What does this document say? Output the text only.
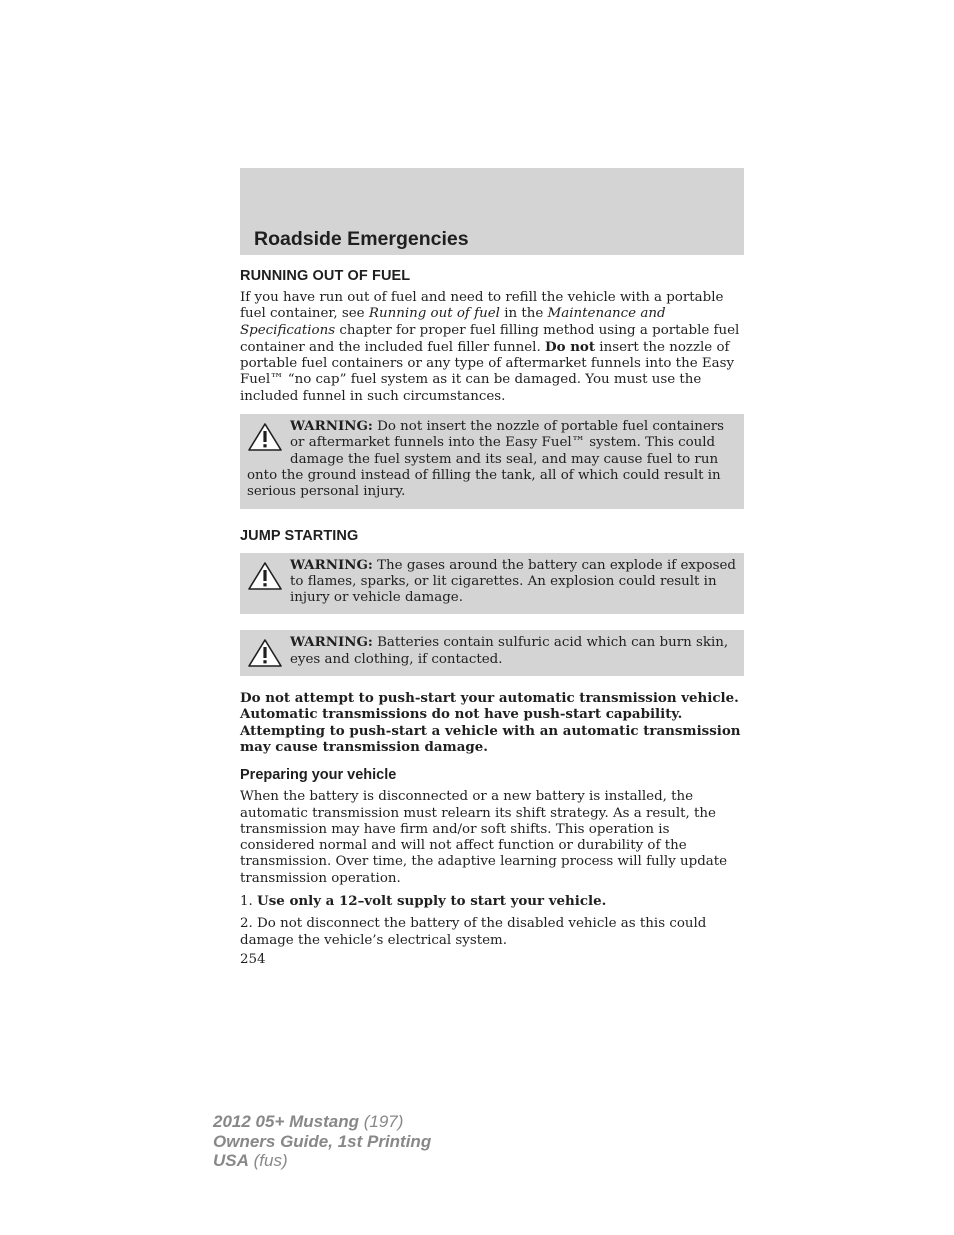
Roadside Emergencies
RUNNING OUT OF FUEL

If you have run out of fuel and need to refill the vehicle with a portable fuel container, see Running out of fuel in the Maintenance and Specifications chapter for proper fuel filling method using a portable fuel container and the included fuel filler funnel. Do not insert the nozzle of portable fuel containers or any type of aftermarket funnels into the Easy Fuel™ “no cap” fuel system as it can be damaged. You must use the included funnel in such circumstances.

WARNING: Do not insert the nozzle of portable fuel containers or aftermarket funnels into the Easy Fuel™ system. This could damage the fuel system and its seal, and may cause fuel to run onto the ground instead of filling the tank, all of which could result in serious personal injury.
JUMP STARTING
WARNING: The gases around the battery can explode if exposed to flames, sparks, or lit cigarettes. An explosion could result in injury or vehicle damage.
WARNING: Batteries contain sulfuric acid which can burn skin, eyes and clothing, if contacted.

Do not attempt to push-start your automatic transmission vehicle. Automatic transmissions do not have push-start capability. Attempting to push-start a vehicle with an automatic transmission may cause transmission damage.

Preparing your vehicle

When the battery is disconnected or a new battery is installed, the automatic transmission must relearn its shift strategy. As a result, the transmission may have firm and/or soft shifts. This operation is considered normal and will not affect function or durability of the transmission. Over time, the adaptive learning process will fully update transmission operation.

1. Use only a 12–volt supply to start your vehicle.

2. Do not disconnect the battery of the disabled vehicle as this could damage the vehicle’s electrical system.

254

2012 05+ Mustang (197)
Owners Guide, 1st Printing
USA (fus)
